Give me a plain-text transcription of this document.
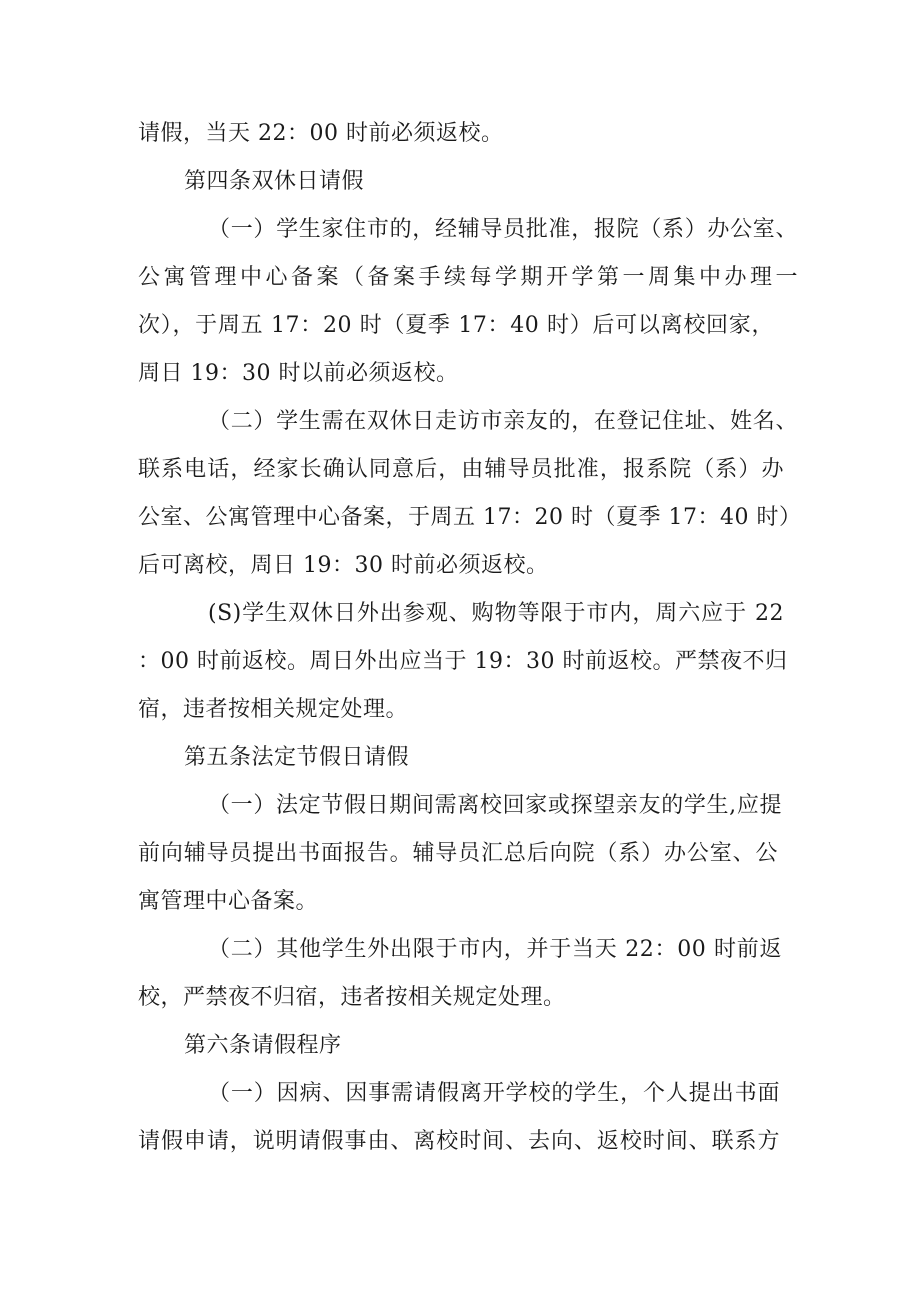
请假，当天 22：00 时前必须返校。
第四条双休日请假
（一）学生家住市的，经辅导员批准，报院（系）办公室、
公寓管理中心备案（备案手续每学期开学第一周集中办理一
次），于周五 17：20 时（夏季 17：40 时）后可以离校回家，
周日 19：30 时以前必须返校。
（二）学生需在双休日走访市亲友的，在登记住址、姓名、
联系电话，经家长确认同意后，由辅导员批准，报系院（系）办
公室、公寓管理中心备案，于周五 17：20 时（夏季 17：40 时）
后可离校，周日 19：30 时前必须返校。
(S)学生双休日外出参观、购物等限于市内，周六应于 22
：00 时前返校。周日外出应当于 19：30 时前返校。严禁夜不归
宿，违者按相关规定处理。
第五条法定节假日请假
（一）法定节假日期间需离校回家或探望亲友的学生,应提
前向辅导员提出书面报告。辅导员汇总后向院（系）办公室、公
寓管理中心备案。
（二）其他学生外出限于市内，并于当天 22：00 时前返
校，严禁夜不归宿，违者按相关规定处理。
第六条请假程序
（一）因病、因事需请假离开学校的学生，个人提出书面
请假申请，说明请假事由、离校时间、去向、返校时间、联系方
